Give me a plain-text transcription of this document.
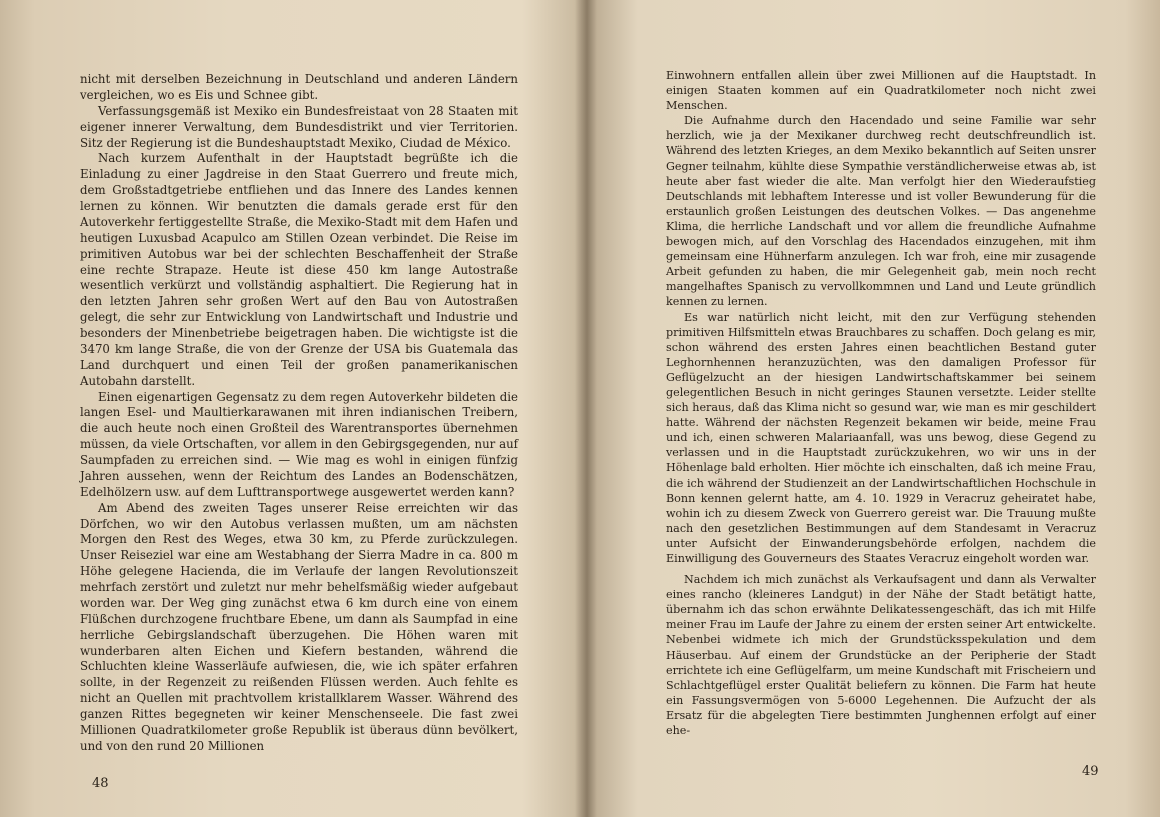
nicht mit derselben Bezeichnung in Deutschland und anderen Ländern vergleichen, wo es Eis und Schnee gibt.

Verfassungsgemäß ist Mexiko ein Bundesfreistaat von 28 Staaten mit eigener innerer Verwaltung, dem Bundesdistrikt und vier Territorien. Sitz der Regierung ist die Bundeshauptstadt Mexiko, Ciudad de México.

Nach kurzem Aufenthalt in der Hauptstadt begrüßte ich die Einladung zu einer Jagdreise in den Staat Guerrero und freute mich, dem Großstadtgetriebe entfliehen und das Innere des Landes kennen lernen zu können. Wir benutzten die damals gerade erst für den Autoverkehr fertiggestellte Straße, die Mexiko-Stadt mit dem Hafen und heutigen Luxusbad Acapulco am Stillen Ozean verbindet. Die Reise im primitiven Autobus war bei der schlechten Beschaffenheit der Straße eine rechte Strapaze. Heute ist diese 450 km lange Autostraße wesentlich verkürzt und vollständig asphaltiert. Die Regierung hat in den letzten Jahren sehr großen Wert auf den Bau von Autostraßen gelegt, die sehr zur Entwicklung von Landwirtschaft und Industrie und besonders der Minenbetriebe beigetragen haben. Die wichtigste ist die 3470 km lange Straße, die von der Grenze der USA bis Guatemala das Land durchquert und einen Teil der großen panamerikanischen Autobahn darstellt.

Einen eigenartigen Gegensatz zu dem regen Autoverkehr bildeten die langen Esel- und Maultierkarawanen mit ihren indianischen Treibern, die auch heute noch einen Großteil des Warentransportes übernehmen müssen, da viele Ortschaften, vor allem in den Gebirgsgegenden, nur auf Saumpfaden zu erreichen sind. — Wie mag es wohl in einigen fünfzig Jahren aussehen, wenn der Reichtum des Landes an Bodenschätzen, Edelhölzern usw. auf dem Lufttransportwege ausgewertet werden kann?

Am Abend des zweiten Tages unserer Reise erreichten wir das Dörfchen, wo wir den Autobus verlassen mußten, um am nächsten Morgen den Rest des Weges, etwa 30 km, zu Pferde zurückzulegen. Unser Reiseziel war eine am Westabhang der Sierra Madre in ca. 800 m Höhe gelegene Hacienda, die im Verlaufe der langen Revolutionszeit mehrfach zerstört und zuletzt nur mehr behelfsmäßig wieder aufgebaut worden war. Der Weg ging zunächst etwa 6 km durch eine von einem Flüßchen durchzogene fruchtbare Ebene, um dann als Saumpfad in eine herrliche Gebirgslandschaft überzugehen. Die Höhen waren mit wunderbaren alten Eichen und Kiefern bestanden, während die Schluchten kleine Wasserläufe aufwiesen, die, wie ich später erfahren sollte, in der Regenzeit zu reißenden Flüssen werden. Auch fehlte es nicht an Quellen mit prachtvollem kristallklarem Wasser. Während des ganzen Rittes begegneten wir keiner Menschenseele. Die fast zwei Millionen Quadratkilometer große Republik ist überaus dünn bevölkert, und von den rund 20 Millionen

48

Einwohnern entfallen allein über zwei Millionen auf die Hauptstadt. In einigen Staaten kommen auf ein Quadratkilometer noch nicht zwei Menschen.

Die Aufnahme durch den Hacendado und seine Familie war sehr herzlich, wie ja der Mexikaner durchweg recht deutschfreundlich ist. Während des letzten Krieges, an dem Mexiko bekanntlich auf Seiten unsrer Gegner teilnahm, kühlte diese Sympathie verständlicherweise etwas ab, ist heute aber fast wieder die alte. Man verfolgt hier den Wiederaufstieg Deutschlands mit lebhaftem Interesse und ist voller Bewunderung für die erstaunlich großen Leistungen des deutschen Volkes. — Das angenehme Klima, die herrliche Landschaft und vor allem die freundliche Aufnahme bewogen mich, auf den Vorschlag des Hacendados einzugehen, mit ihm gemeinsam eine Hühnerfarm anzulegen. Ich war froh, eine mir zusagende Arbeit gefunden zu haben, die mir Gelegenheit gab, mein noch recht mangelhaftes Spanisch zu vervollkommnen und Land und Leute gründlich kennen zu lernen.

Es war natürlich nicht leicht, mit den zur Verfügung stehenden primitiven Hilfsmitteln etwas Brauchbares zu schaffen. Doch gelang es mir, schon während des ersten Jahres einen beachtlichen Bestand guter Leghornhennen heranzuzüchten, was den damaligen Professor für Geflügelzucht an der hiesigen Landwirtschaftskammer bei seinem gelegentlichen Besuch in nicht geringes Staunen versetzte. Leider stellte sich heraus, daß das Klima nicht so gesund war, wie man es mir geschildert hatte. Während der nächsten Regenzeit bekamen wir beide, meine Frau und ich, einen schweren Malariaanfall, was uns bewog, diese Gegend zu verlassen und in die Hauptstadt zurückzukehren, wo wir uns in der Höhenlage bald erholten. Hier möchte ich einschalten, daß ich meine Frau, die ich während der Studienzeit an der Landwirtschaftlichen Hochschule in Bonn kennen gelernt hatte, am 4. 10. 1929 in Veracruz geheiratet habe, wohin ich zu diesem Zweck von Guerrero gereist war. Die Trauung mußte nach den gesetzlichen Bestimmungen auf dem Standesamt in Veracruz unter Aufsicht der Einwanderungsbehörde erfolgen, nachdem die Einwilligung des Gouverneurs des Staates Veracruz eingeholt worden war.

Nachdem ich mich zunächst als Verkaufsagent und dann als Verwalter eines rancho (kleineres Landgut) in der Nähe der Stadt betätigt hatte, übernahm ich das schon erwähnte Delikatessengeschäft, das ich mit Hilfe meiner Frau im Laufe der Jahre zu einem der ersten seiner Art entwickelte. Nebenbei widmete ich mich der Grundstücksspekulation und dem Häuserbau. Auf einem der Grundstücke an der Peripherie der Stadt errichtete ich eine Geflügelfarm, um meine Kundschaft mit Frischeiern und Schlachtgeflügel erster Qualität beliefern zu können. Die Farm hat heute ein Fassungsvermögen von 5-6000 Legehennen. Die Aufzucht der als Ersatz für die abgelegten Tiere bestimmten Junghennen erfolgt auf einer ehe-

49
